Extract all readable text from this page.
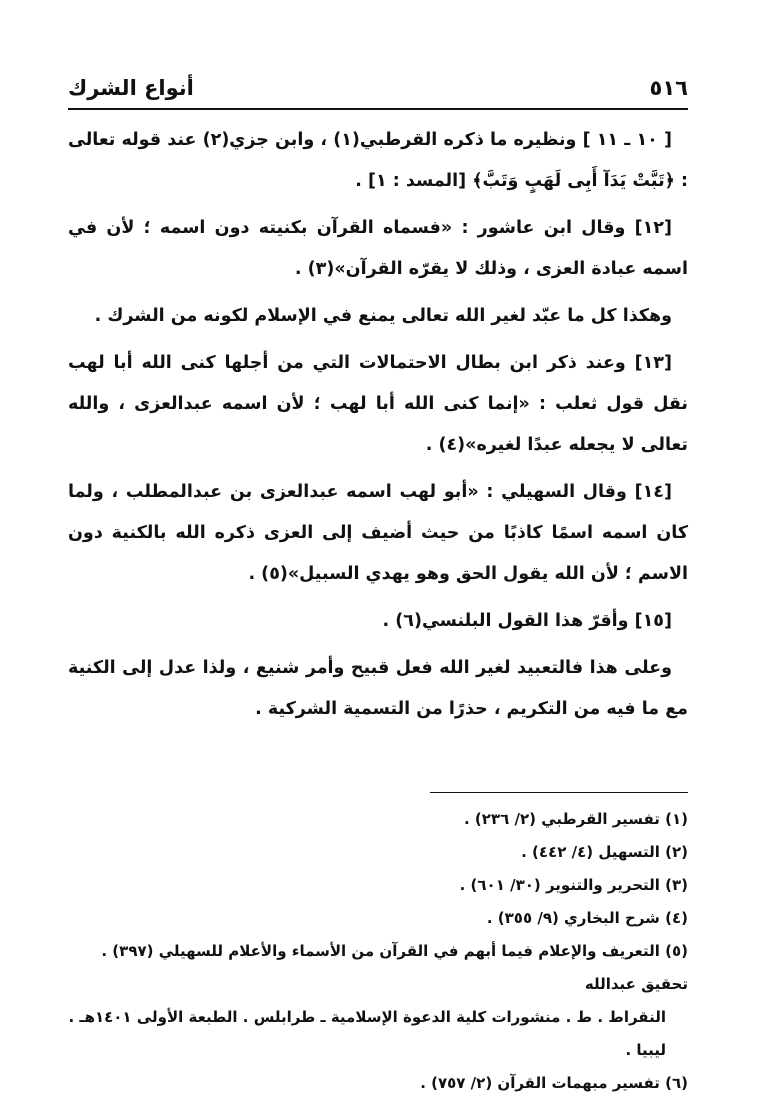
٥١٦
أنواع الشرك

[ ١٠ ـ ١١ ] ونظيره ما ذكره القرطبي(١) ، وابن جزي(٢) عند قوله تعالى : ﴿تَبَّتْ يَدَآ أَبِى لَهَبٍ وَتَبَّ﴾ [المسد : ١] .

[١٢] وقال ابن عاشور : «فسماه القرآن بكنيته دون اسمه ؛ لأن في اسمه عبادة العزى ، وذلك لا يقرّه القرآن»(٣) .

وهكذا كل ما عبّد لغير الله تعالى يمنع في الإسلام لكونه من الشرك .

[١٣] وعند ذكر ابن بطال الاحتمالات التي من أجلها كنى الله أبا لهب نقل قول ثعلب : «إنما كنى الله أبا لهب ؛ لأن اسمه عبدالعزى ، والله تعالى لا يجعله عبدًا لغيره»(٤) .

[١٤] وقال السهيلي : «أبو لهب اسمه عبدالعزى بن عبدالمطلب ، ولما كان اسمه اسمًا كاذبًا من حيث أضيف إلى العزى ذكره الله بالكنية دون الاسم ؛ لأن الله يقول الحق وهو يهدي السبيل»(٥) .

[١٥] وأقرّ هذا القول البلنسي(٦) .

وعلى هذا فالتعبيد لغير الله فعل قبيح وأمر شنيع ، ولذا عدل إلى الكنية مع ما فيه من التكريم ، حذرًا من التسمية الشركية .

(١) تفسير القرطبي (٢/ ٢٣٦) .
(٢) التسهيل (٤/ ٤٤٢) .
(٣) التحرير والتنوير (٣٠/ ٦٠١) .
(٤) شرح البخاري (٩/ ٣٥٥) .
(٥) التعريف والإعلام فيما أبهم في القرآن من الأسماء والأعلام للسهيلي (٣٩٧) . تحقيق عبدالله
النقراط . ط . منشورات كلية الدعوة الإسلامية ـ طرابلس . الطبعة الأولى ١٤٠١هـ . ليبيا .
(٦) تفسير مبهمات القرآن (٢/ ٧٥٧) .
